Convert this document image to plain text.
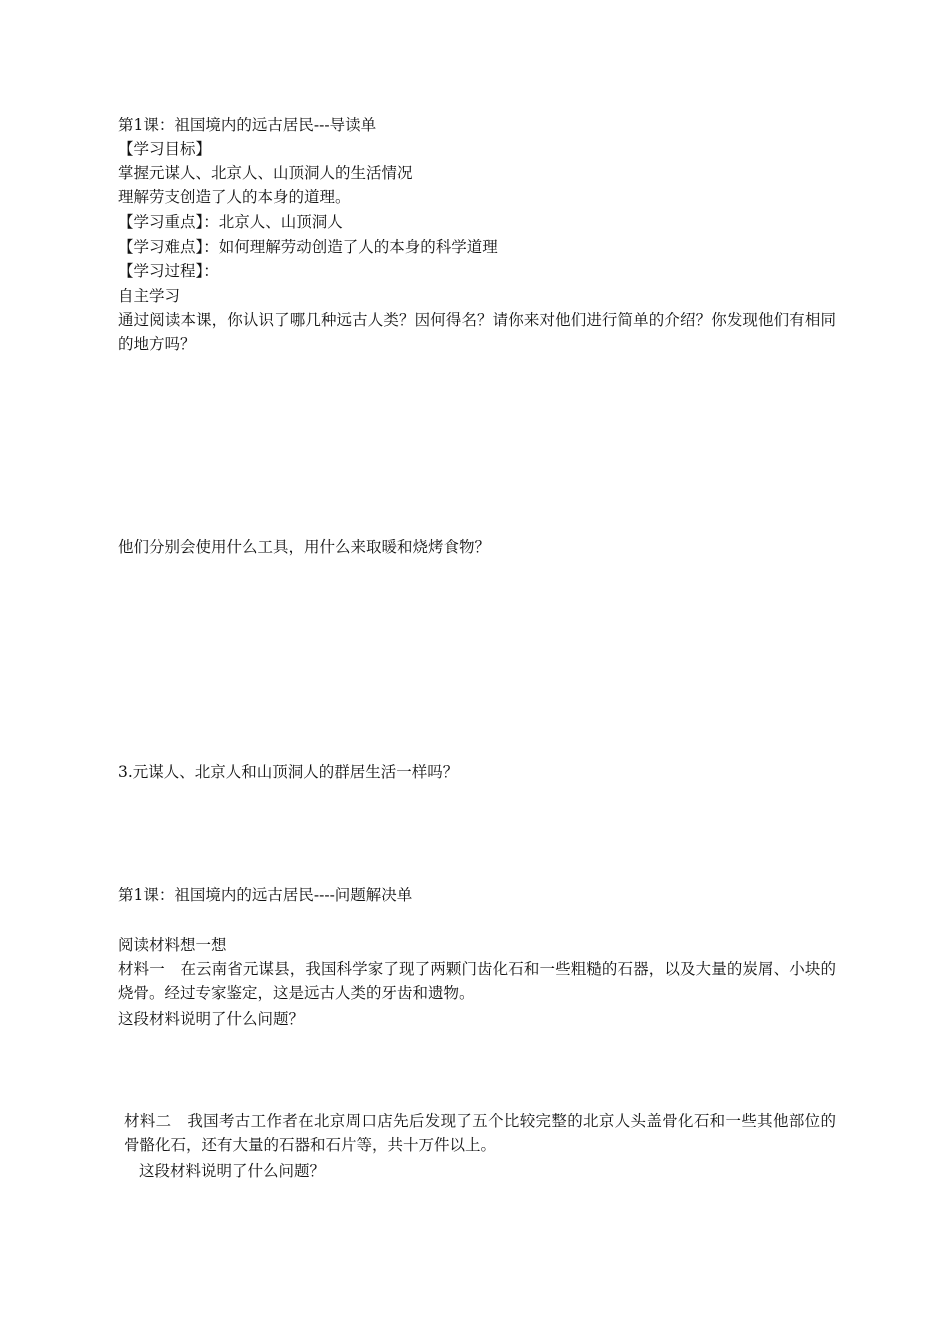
第1课：祖国境内的远古居民---导读单

【学习目标】

掌握元谋人、北京人、山顶洞人的生活情况

理解劳支创造了人的本身的道理。

【学习重点】：北京人、山顶洞人

【学习难点】：如何理解劳动创造了人的本身的科学道理

【学习过程】：

自主学习

通过阅读本课，你认识了哪几种远古人类？因何得名？请你来对他们进行简单的介绍？你发现他们有相同的地方吗？

他们分别会使用什么工具，用什么来取暖和烧烤食物？

3.元谋人、北京人和山顶洞人的群居生活一样吗？

第1课：祖国境内的远古居民----问题解决单

阅读材料想一想

材料一　在云南省元谋县，我国科学家了现了两颗门齿化石和一些粗糙的石器，以及大量的炭屑、小块的烧骨。经过专家鉴定，这是远古人类的牙齿和遗物。

这段材料说明了什么问题？

材料二　我国考古工作者在北京周口店先后发现了五个比较完整的北京人头盖骨化石和一些其他部位的骨骼化石，还有大量的石器和石片等，共十万件以上。

这段材料说明了什么问题？
